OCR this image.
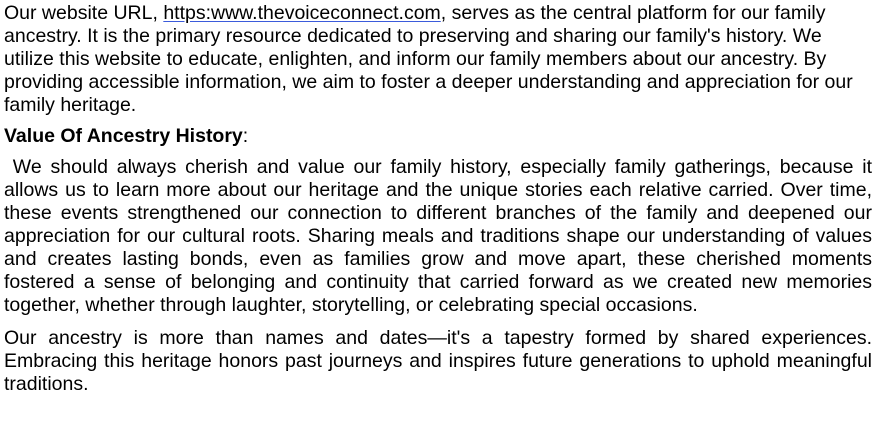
Our website URL, https:www.thevoiceconnect.com, serves as the central platform for our family ancestry. It is the primary resource dedicated to preserving and sharing our family's history. We utilize this website to educate, enlighten, and inform our family members about our ancestry. By providing accessible information, we aim to foster a deeper understanding and appreciation for our family heritage.

Value Of Ancestry History:

We should always cherish and value our family history, especially family gatherings, because it allows us to learn more about our heritage and the unique stories each relative carried. Over time, these events strengthened our connection to different branches of the family and deepened our appreciation for our cultural roots. Sharing meals and traditions shape our understanding of values and creates lasting bonds, even as families grow and move apart, these cherished moments fostered a sense of belonging and continuity that carried forward as we created new memories together, whether through laughter, storytelling, or celebrating special occasions.

Our ancestry is more than names and dates—it's a tapestry formed by shared experiences. Embracing this heritage honors past journeys and inspires future generations to uphold meaningful traditions.
